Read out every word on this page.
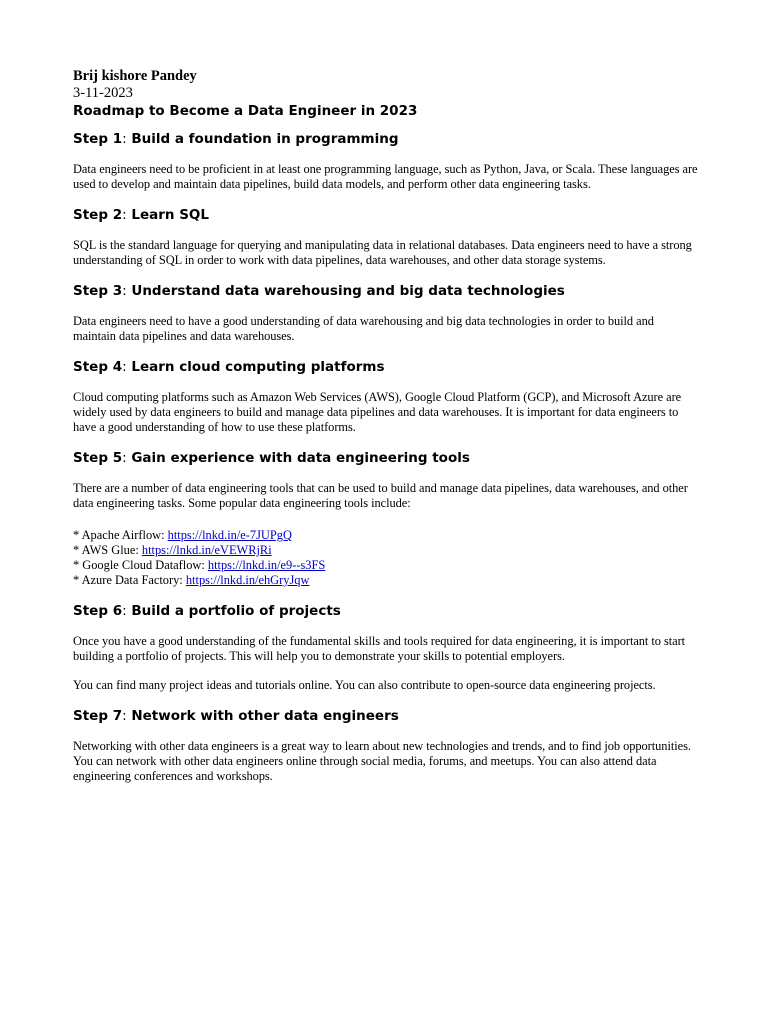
Brij kishore Pandey

3-11-2023

Roadmap to Become a Data Engineer in 2023

Step 1: Build a foundation in programming

Data engineers need to be proficient in at least one programming language, such as Python, Java, or Scala. These languages are used to develop and maintain data pipelines, build data models, and perform other data engineering tasks.

Step 2: Learn SQL

SQL is the standard language for querying and manipulating data in relational databases. Data engineers need to have a strong understanding of SQL in order to work with data pipelines, data warehouses, and other data storage systems.

Step 3: Understand data warehousing and big data technologies

Data engineers need to have a good understanding of data warehousing and big data technologies in order to build and maintain data pipelines and data warehouses.

Step 4: Learn cloud computing platforms

Cloud computing platforms such as Amazon Web Services (AWS), Google Cloud Platform (GCP), and Microsoft Azure are widely used by data engineers to build and manage data pipelines and data warehouses. It is important for data engineers to have a good understanding of how to use these platforms.

Step 5: Gain experience with data engineering tools

There are a number of data engineering tools that can be used to build and manage data pipelines, data warehouses, and other data engineering tasks. Some popular data engineering tools include:

* Apache Airflow: https://lnkd.in/e-7JUPgQ
* AWS Glue: https://lnkd.in/eVEWRjRi
* Google Cloud Dataflow: https://lnkd.in/e9--s3FS
* Azure Data Factory: https://lnkd.in/ehGryJqw

Step 6: Build a portfolio of projects

Once you have a good understanding of the fundamental skills and tools required for data engineering, it is important to start building a portfolio of projects. This will help you to demonstrate your skills to potential employers.

You can find many project ideas and tutorials online. You can also contribute to open-source data engineering projects.

Step 7: Network with other data engineers

Networking with other data engineers is a great way to learn about new technologies and trends, and to find job opportunities. You can network with other data engineers online through social media, forums, and meetups. You can also attend data engineering conferences and workshops.
